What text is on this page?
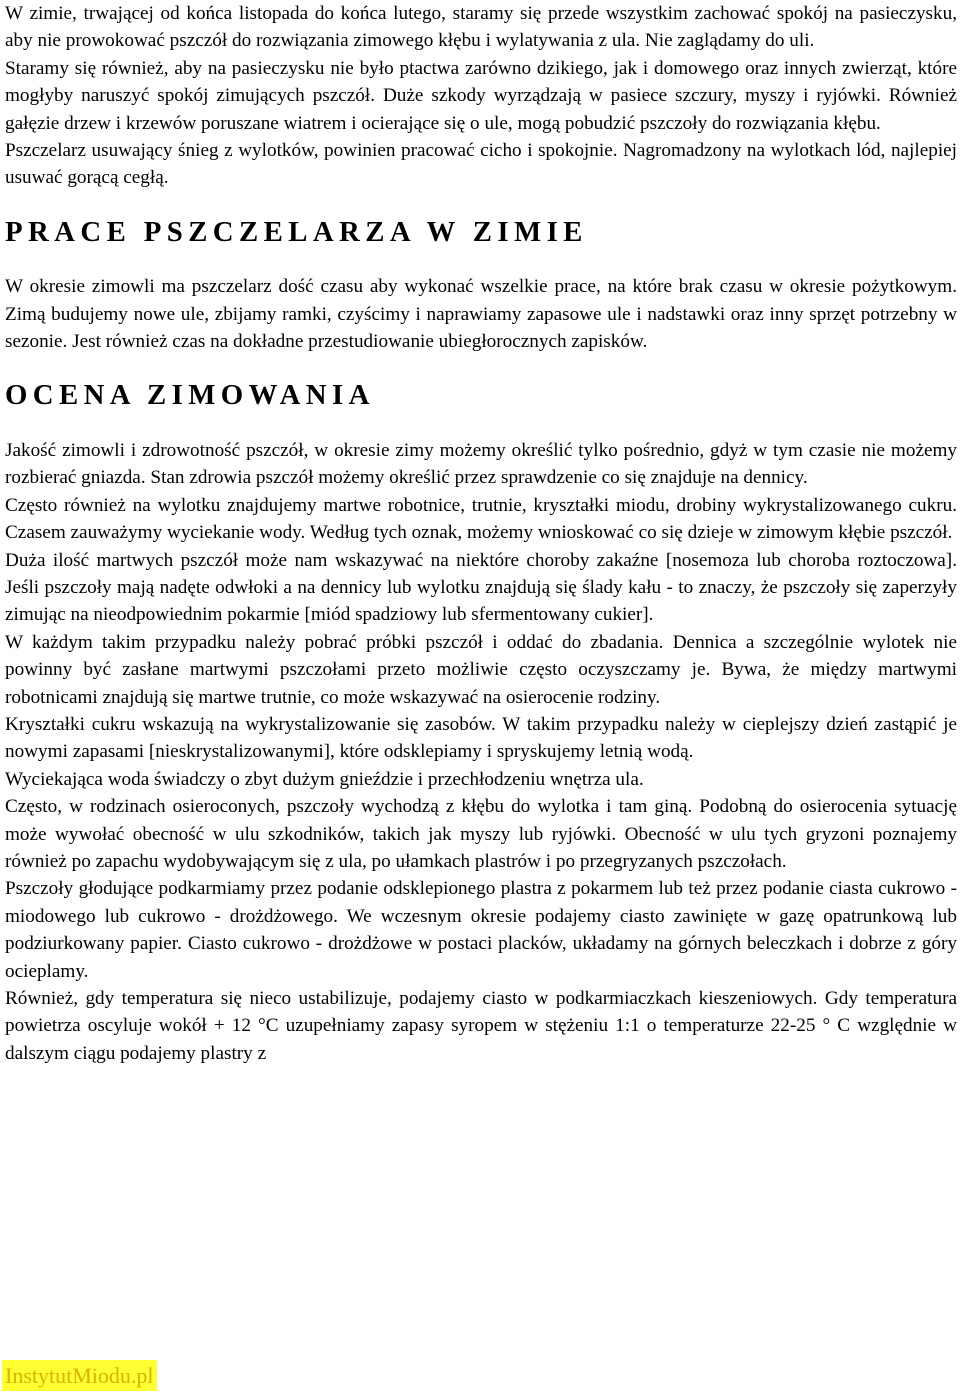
W zimie, trwającej od końca listopada do końca lutego, staramy się przede wszystkim zachować spokój na pasieczysku, aby nie prowokować pszczół do rozwiązania zimowego kłębu i wylatywania z ula. Nie zaglądamy do uli.

Staramy się również, aby na pasieczysku nie było ptactwa zarówno dzikiego, jak i domowego oraz innych zwierząt, które mogłyby naruszyć spokój zimujących pszczół. Duże szkody wyrządzają w pasiece szczury, myszy i ryjówki. Również gałęzie drzew i krzewów poruszane wiatrem i ocierające się o ule, mogą pobudzić pszczoły do rozwiązania kłębu.

Pszczelarz usuwający śnieg z wylotków, powinien pracować cicho i spokojnie. Nagromadzony na wylotkach lód, najlepiej usuwać gorącą cegłą.

PRACE PSZCZELARZA W ZIMIE

W okresie zimowli ma pszczelarz dość czasu aby wykonać wszelkie prace, na które brak czasu w okresie pożytkowym. Zimą budujemy nowe ule, zbijamy ramki, czyścimy i naprawiamy zapasowe ule i nadstawki oraz inny sprzęt potrzebny w sezonie. Jest również czas na dokładne przestudiowanie ubiegłorocznych zapisków.

OCENA ZIMOWANIA

Jakość zimowli i zdrowotność pszczół, w okresie zimy możemy określić tylko pośrednio, gdyż w tym czasie nie możemy rozbierać gniazda. Stan zdrowia pszczół możemy określić przez sprawdzenie co się znajduje na dennicy.

Często również na wylotku znajdujemy martwe robotnice, trutnie, kryształki miodu, drobiny wykrystalizowanego cukru. Czasem zauważymy wyciekanie wody. Według tych oznak, możemy wnioskować co się dzieje w zimowym kłębie pszczół.

Duża ilość martwych pszczół może nam wskazywać na niektóre choroby zakaźne [nosemoza lub choroba roztoczowa]. Jeśli pszczoły mają nadęte odwłoki a na dennicy lub wylotku znajdują się ślady kału - to znaczy, że pszczoły się zaperzyły zimując na nieodpowiednim pokarmie [miód spadziowy lub sfermentowany cukier].

W każdym takim przypadku należy pobrać próbki pszczół i oddać do zbadania. Dennica a szczególnie wylotek nie powinny być zasłane martwymi pszczołami przeto możliwie często oczyszczamy je. Bywa, że między martwymi robotnicami znajdują się martwe trutnie, co może wskazywać na osierocenie rodziny.

Kryształki cukru wskazują na wykrystalizowanie się zasobów. W takim przypadku należy w cieplejszy dzień zastąpić je nowymi zapasami [nieskrystalizowanymi], które odsklepiamy i spryskujemy letnią wodą.

Wyciekająca woda świadczy o zbyt dużym gnieździe i przechłodzeniu wnętrza ula.

Często, w rodzinach osieroconych, pszczoły wychodzą z kłębu do wylotka i tam giną. Podobną do osierocenia sytuację może wywołać obecność w ulu szkodników, takich jak myszy lub ryjówki. Obecność w ulu tych gryzoni poznajemy również po zapachu wydobywającym się z ula, po ułamkach plastrów i po przegryzanych pszczołach.

Pszczoły głodujące podkarmiamy przez podanie odsklepionego plastra z pokarmem lub też przez podanie ciasta cukrowo - miodowego lub cukrowo - drożdżowego. We wczesnym okresie podajemy ciasto zawinięte w gazę opatrunkową lub podziurkowany papier. Ciasto cukrowo - drożdżowe w postaci placków, układamy na górnych beleczkach i dobrze z góry ocieplamy.

Również, gdy temperatura się nieco ustabilizuje, podajemy ciasto w podkarmiaczkach kieszeniowych. Gdy temperatura powietrza oscyluje wokół + 12 °C uzupełniamy zapasy syropem w stężeniu 1:1 o temperaturze 22-25 ° C względnie w dalszym ciągu podajemy plastry z

InstytutMiodu.pl
